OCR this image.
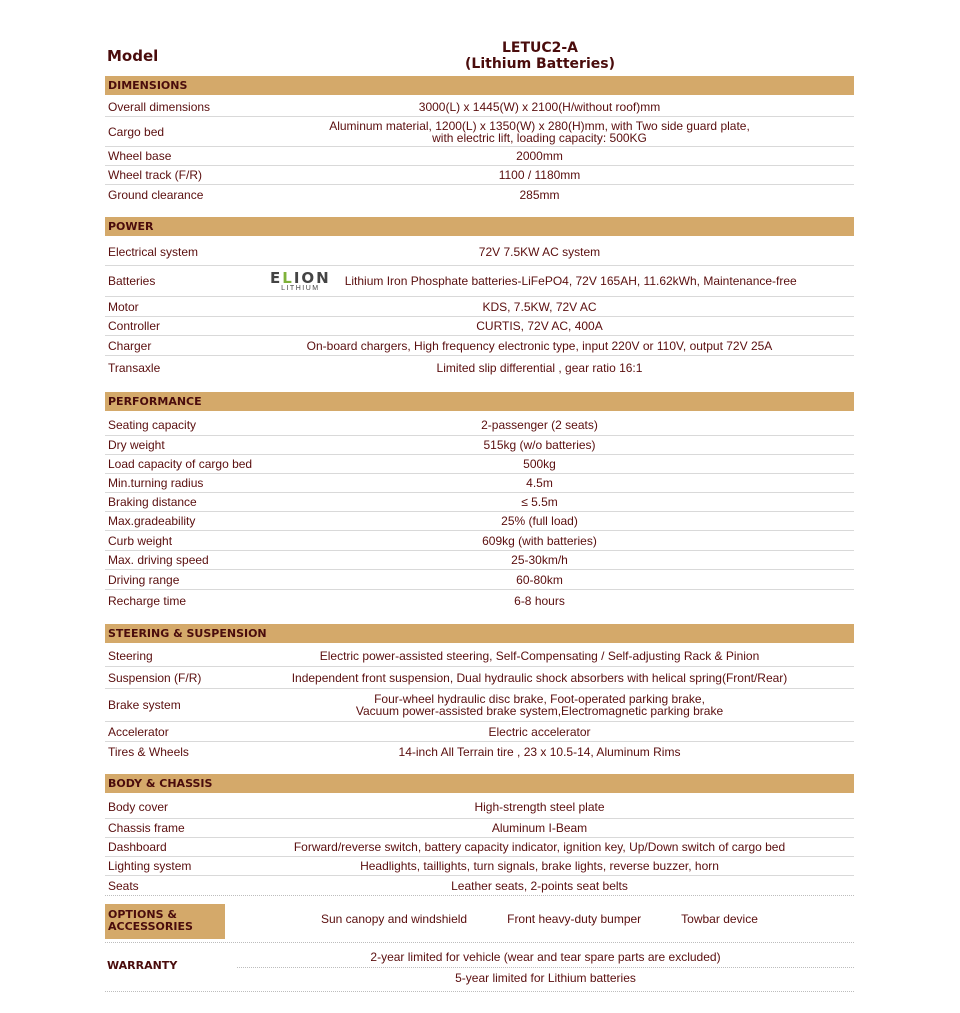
Model	LETUC2-A
(Lithium Batteries)
DIMENSIONS
Overall dimensions	3000(L) x 1445(W) x 2100(H/without roof)mm
Cargo bed	Aluminum material, 1200(L) x 1350(W) x 280(H)mm, with Two side guard plate,
with electric lift, loading capacity: 500KG
Wheel base	2000mm
Wheel track (F/R)	1100 / 1180mm
Ground clearance	285mm
POWER
Electrical system	72V 7.5KW AC system
Batteries	ELION
LITHIUM Lithium Iron Phosphate batteries-LiFePO4, 72V 165AH, 11.62kWh, Maintenance-free
Motor	KDS, 7.5KW, 72V AC
Controller	CURTIS, 72V AC, 400A
Charger	On-board chargers, High frequency electronic type, input 220V or 110V, output 72V 25A
Transaxle	Limited slip differential , gear ratio 16:1
PERFORMANCE
Seating capacity	2-passenger (2 seats)
Dry weight	515kg (w/o batteries)
Load capacity of cargo bed	500kg
Min.turning radius	4.5m
Braking distance	≤ 5.5m
Max.gradeability	25% (full load)
Curb weight	609kg (with batteries)
Max. driving speed	25-30km/h
Driving range	60-80km
Recharge time	6-8 hours
STEERING & SUSPENSION
Steering	Electric power-assisted steering, Self-Compensating / Self-adjusting Rack & Pinion
Suspension (F/R)	Independent front suspension, Dual hydraulic shock absorbers with helical spring(Front/Rear)
Brake system	Four-wheel hydraulic disc brake, Foot-operated parking brake,
Vacuum power-assisted brake system,Electromagnetic parking brake
Accelerator	Electric accelerator
Tires & Wheels	14-inch All Terrain tire , 23 x 10.5-14, Aluminum Rims
BODY & CHASSIS
Body cover	High-strength steel plate
Chassis frame	Aluminum I-Beam
Dashboard	Forward/reverse switch, battery capacity indicator, ignition key, Up/Down switch of cargo bed
Lighting system	Headlights, taillights, turn signals, brake lights, reverse buzzer, horn
Seats	Leather seats, 2-points seat belts
OPTIONS &
ACCESSORIES
Sun canopy and windshield	Front heavy-duty bumper	Towbar device
WARRANTY
2-year limited for vehicle (wear and tear spare parts are excluded)
5-year limited for Lithium batteries
